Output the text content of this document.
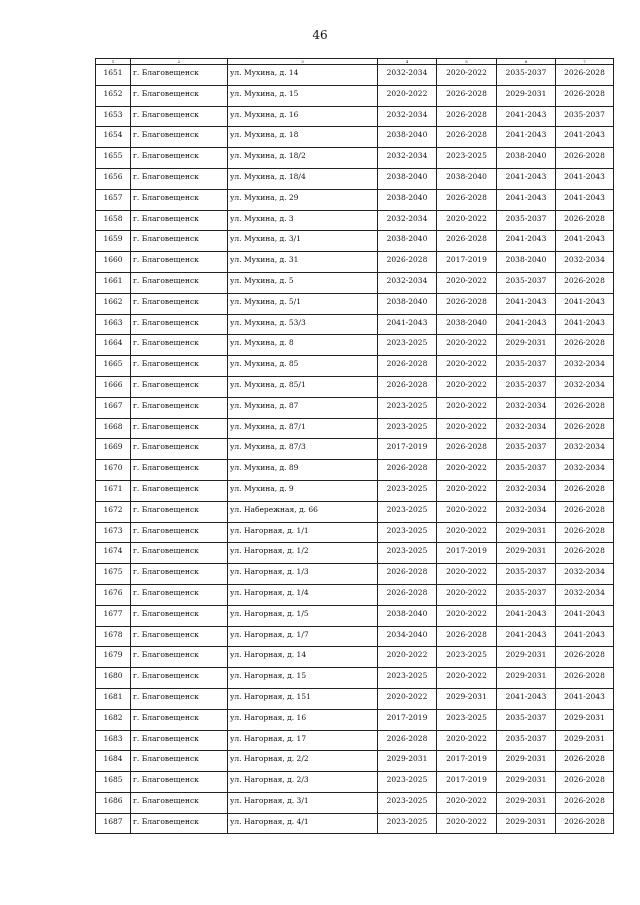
46
1	2	3	4	5	6	7
1651	г. Благовещенск	ул. Мухина, д. 14	2032-2034	2020-2022	2035-2037	2026-2028
1652	г. Благовещенск	ул. Мухина, д. 15	2020-2022	2026-2028	2029-2031	2026-2028
1653	г. Благовещенск	ул. Мухина, д. 16	2032-2034	2026-2028	2041-2043	2035-2037
1654	г. Благовещенск	ул. Мухина, д. 18	2038-2040	2026-2028	2041-2043	2041-2043
1655	г. Благовещенск	ул. Мухина, д. 18/2	2032-2034	2023-2025	2038-2040	2026-2028
1656	г. Благовещенск	ул. Мухина, д. 18/4	2038-2040	2038-2040	2041-2043	2041-2043
1657	г. Благовещенск	ул. Мухина, д. 29	2038-2040	2026-2028	2041-2043	2041-2043
1658	г. Благовещенск	ул. Мухина, д. 3	2032-2034	2020-2022	2035-2037	2026-2028
1659	г. Благовещенск	ул. Мухина, д. 3/1	2038-2040	2026-2028	2041-2043	2041-2043
1660	г. Благовещенск	ул. Мухина, д. 31	2026-2028	2017-2019	2038-2040	2032-2034
1661	г. Благовещенск	ул. Мухина, д. 5	2032-2034	2020-2022	2035-2037	2026-2028
1662	г. Благовещенск	ул. Мухина, д. 5/1	2038-2040	2026-2028	2041-2043	2041-2043
1663	г. Благовещенск	ул. Мухина, д. 53/3	2041-2043	2038-2040	2041-2043	2041-2043
1664	г. Благовещенск	ул. Мухина, д. 8	2023-2025	2020-2022	2029-2031	2026-2028
1665	г. Благовещенск	ул. Мухина, д. 85	2026-2028	2020-2022	2035-2037	2032-2034
1666	г. Благовещенск	ул. Мухина, д. 85/1	2026-2028	2020-2022	2035-2037	2032-2034
1667	г. Благовещенск	ул. Мухина, д. 87	2023-2025	2020-2022	2032-2034	2026-2028
1668	г. Благовещенск	ул. Мухина, д. 87/1	2023-2025	2020-2022	2032-2034	2026-2028
1669	г. Благовещенск	ул. Мухина, д. 87/3	2017-2019	2026-2028	2035-2037	2032-2034
1670	г. Благовещенск	ул. Мухина, д. 89	2026-2028	2020-2022	2035-2037	2032-2034
1671	г. Благовещенск	ул. Мухина, д. 9	2023-2025	2020-2022	2032-2034	2026-2028
1672	г. Благовещенск	ул. Набережная, д. 66	2023-2025	2020-2022	2032-2034	2026-2028
1673	г. Благовещенск	ул. Нагорная, д. 1/1	2023-2025	2020-2022	2029-2031	2026-2028
1674	г. Благовещенск	ул. Нагорная, д. 1/2	2023-2025	2017-2019	2029-2031	2026-2028
1675	г. Благовещенск	ул. Нагорная, д. 1/3	2026-2028	2020-2022	2035-2037	2032-2034
1676	г. Благовещенск	ул. Нагорная, д. 1/4	2026-2028	2020-2022	2035-2037	2032-2034
1677	г. Благовещенск	ул. Нагорная, д. 1/5	2038-2040	2020-2022	2041-2043	2041-2043
1678	г. Благовещенск	ул. Нагорная, д. 1/7	2034-2040	2026-2028	2041-2043	2041-2043
1679	г. Благовещенск	ул. Нагорная, д. 14	2020-2022	2023-2025	2029-2031	2026-2028
1680	г. Благовещенск	ул. Нагорная, д. 15	2023-2025	2020-2022	2029-2031	2026-2028
1681	г. Благовещенск	ул. Нагорная, д. 151	2020-2022	2029-2031	2041-2043	2041-2043
1682	г. Благовещенск	ул. Нагорная, д. 16	2017-2019	2023-2025	2035-2037	2029-2031
1683	г. Благовещенск	ул. Нагорная, д. 17	2026-2028	2020-2022	2035-2037	2029-2031
1684	г. Благовещенск	ул. Нагорная, д. 2/2	2029-2031	2017-2019	2029-2031	2026-2028
1685	г. Благовещенск	ул. Нагорная, д. 2/3	2023-2025	2017-2019	2029-2031	2026-2028
1686	г. Благовещенск	ул. Нагорная, д. 3/1	2023-2025	2020-2022	2029-2031	2026-2028
1687	г. Благовещенск	ул. Нагорная, д. 4/1	2023-2025	2020-2022	2029-2031	2026-2028
